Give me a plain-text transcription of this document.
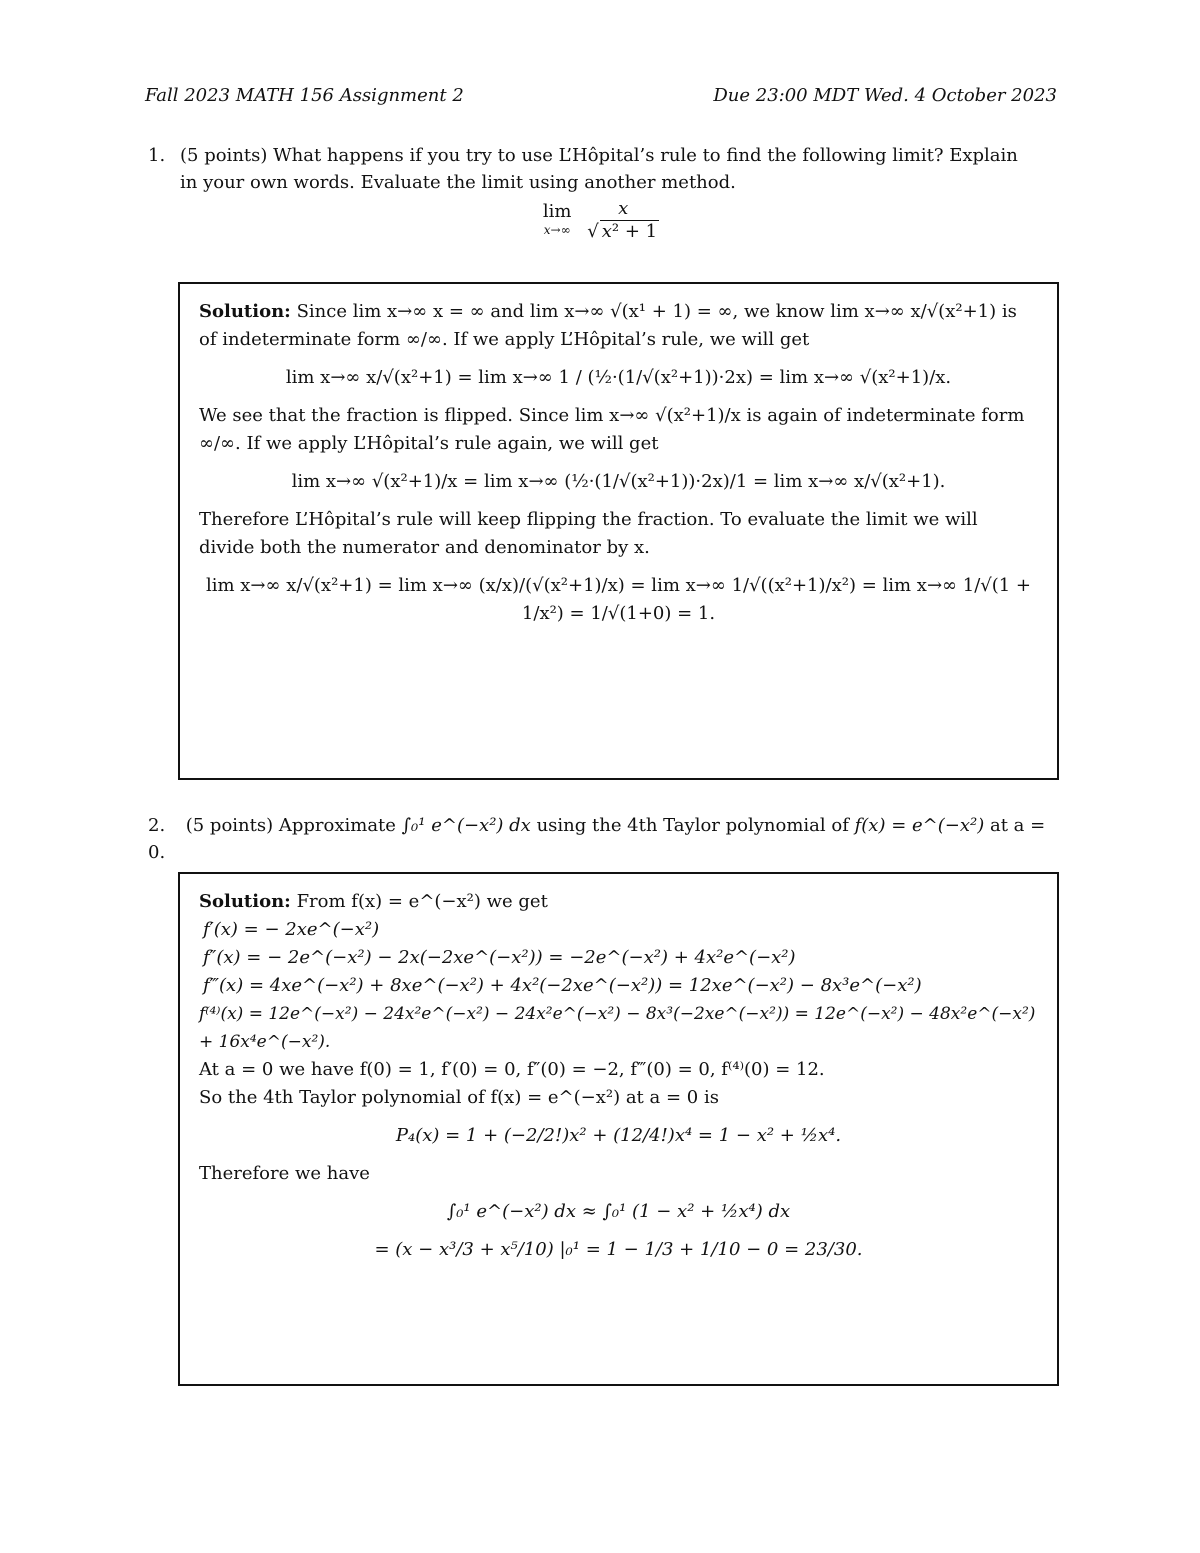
Fall 2023 MATH 156 Assignment 2	Due 23:00 MDT Wed. 4 October 2023
1. (5 points) What happens if you try to use L’Hôpital’s rule to find the following limit? Explain
in your own words. Evaluate the limit using another method.
lim
x→∞
$\frac{x}{\text{√ x² + 1}}$
Solution: Since lim x→∞ x = ∞ and lim x→∞ √(x¹ + 1) = ∞, we know lim x→∞ x/√(x²+1) is of indeterminate form ∞/∞. If we apply L’Hôpital’s rule, we will get
lim x→∞ x/√(x²+1) = lim x→∞ 1 / (½·(1/√(x²+1))·2x) = lim x→∞ √(x²+1)/x.
We see that the fraction is flipped. Since lim x→∞ √(x²+1)/x is again of indeterminate form ∞/∞. If we apply L’Hôpital’s rule again, we will get
lim x→∞ √(x²+1)/x = lim x→∞ (½·(1/√(x²+1))·2x)/1 = lim x→∞ x/√(x²+1).
Therefore L’Hôpital’s rule will keep flipping the fraction. To evaluate the limit we will divide both the numerator and denominator by x.
lim x→∞ x/√(x²+1) = lim x→∞ (x/x)/(√(x²+1)/x) = lim x→∞ 1/√((x²+1)/x²) = lim x→∞ 1/√(1 + 1/x²) = 1/√(1+0) = 1.
2. (5 points) Approximate ∫₀¹ e^(−x²) dx using the 4th Taylor polynomial of f(x) = e^(−x²) at a = 0.
Solution: From f(x) = e^(−x²) we get
f′(x) = − 2xe^(−x²)
f″(x) = − 2e^(−x²) − 2x(−2xe^(−x²)) = −2e^(−x²) + 4x²e^(−x²)
f‴(x) = 4xe^(−x²) + 8xe^(−x²) + 4x²(−2xe^(−x²)) = 12xe^(−x²) − 8x³e^(−x²)
f⁽⁴⁾(x) = 12e^(−x²) − 24x²e^(−x²) − 24x²e^(−x²) − 8x³(−2xe^(−x²)) = 12e^(−x²) − 48x²e^(−x²) + 16x⁴e^(−x²).
At a = 0 we have f(0) = 1, f′(0) = 0, f″(0) = −2, f‴(0) = 0, f⁽⁴⁾(0) = 12.
So the 4th Taylor polynomial of f(x) = e^(−x²) at a = 0 is
P₄(x) = 1 + (−2/2!)x² + (12/4!)x⁴ = 1 − x² + ½x⁴.
Therefore we have
∫₀¹ e^(−x²) dx ≈ ∫₀¹ (1 − x² + ½x⁴) dx
= (x − x³/3 + x⁵/10) |₀¹ = 1 − 1/3 + 1/10 − 0 = 23/30.
